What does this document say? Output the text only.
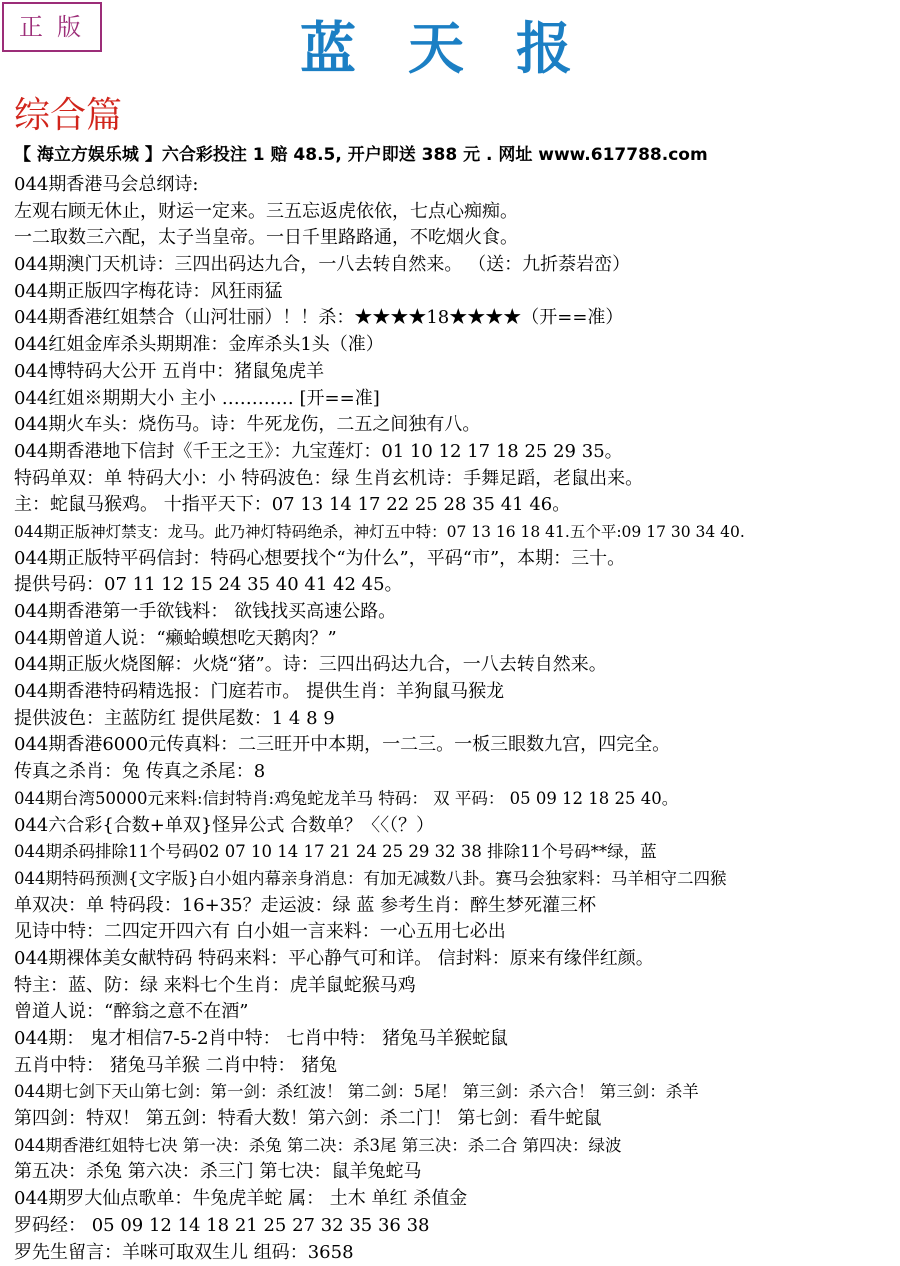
正版	蓝天报
综合篇
【 海立方娱乐城 】六合彩投注 1 赔 48.5, 开户即送 388 元 . 网址 www.617788.com
044期香港马会总纲诗:
左观右顾无休止，财运一定来。三五忘返虎依依，七点心痴痴。
一二取数三六配，太子当皇帝。一日千里路路通，不吃烟火食。
044期澳门天机诗：三四出码达九合，一八去转自然来。 （送：九折萘岩峦）
044期正版四字梅花诗：风狂雨猛
044期香港红姐禁合（山河壮丽）！！杀：★★★★18★★★★（开==准）
044红姐金库杀头期期准：金库杀头1头（准）
044博特码大公开 五肖中：猪鼠兔虎羊
044红姐※期期大小 主小 ………… [开==准]
044期火车头：烧伤马。诗：牛死龙伤，二五之间独有八。
044期香港地下信封《千王之王》：九宝莲灯：01 10 12 17 18 25 29 35。
特码单双：单 特码大小：小 特码波色：绿 生肖玄机诗：手舞足蹈，老鼠出来。
主：蛇鼠马猴鸡。 十指平天下：07 13 14 17 22 25 28 35 41 46。
044期正版神灯禁支：龙马。此乃神灯特码绝杀，神灯五中特：07 13 16 18 41.五个平:09 17 30 34 40.
044期正版特平码信封：特码心想要找个“为什么”，平码“市”，本期：三十。
提供号码：07 11 12 15 24 35 40 41 42 45。
044期香港第一手欲钱料： 欲钱找买高速公路。
044期曾道人说：“癞蛤蟆想吃天鹅肉？”
044期正版火烧图解：火烧“猪”。诗：三四出码达九合，一八去转自然来。
044期香港特码精选报：门庭若市。 提供生肖：羊狗鼠马猴龙
提供波色：主蓝防红 提供尾数：1 4 8 9
044期香港6000元传真料：二三旺开中本期，一二三。一板三眼数九宫，四完全。
传真之杀肖：兔 传真之杀尾：8
044期台湾50000元来料:信封特肖:鸡兔蛇龙羊马 特码： 双 平码： 05 09 12 18 25 40。
044六合彩{合数+单双}怪异公式 合数单？〈〈（？）
044期杀码排除11个号码02 07 10 14 17 21 24 25 29 32 38 排除11个号码**绿，蓝
044期特码预测{文字版}白小姐内幕亲身消息：有加无减数八卦。赛马会独家料：马羊相守二四猴
单双决：单 特码段：16+35？走运波：绿 蓝 参考生肖：醉生梦死灌三杯
见诗中特：二四定开四六有 白小姐一言来料：一心五用七必出
044期裸体美女献特码 特码来料：平心静气可和详。 信封料：原来有缘伴红颜。
特主：蓝、防：绿 来料七个生肖：虎羊鼠蛇猴马鸡
曾道人说：“醉翁之意不在酒”
044期： 鬼才相信7-5-2肖中特： 七肖中特： 猪兔马羊猴蛇鼠
五肖中特： 猪兔马羊猴 二肖中特： 猪兔
044期七剑下天山第七剑：第一剑：杀红波！ 第二剑：5尾！ 第三剑：杀六合！ 第三剑：杀羊
第四剑：特双！ 第五剑：特看大数！第六剑：杀二门！ 第七剑：看牛蛇鼠
044期香港红姐特七决 第一决：杀兔 第二决：杀3尾 第三决：杀二合 第四决：绿波
第五决：杀兔 第六决：杀三门 第七决：鼠羊兔蛇马
044期罗大仙点歌单：牛兔虎羊蛇 属： 土木 单红 杀值金
罗码经： 05 09 12 14 18 21 25 27 32 35 36 38
罗先生留言：羊咪可取双生儿 组码：3658
